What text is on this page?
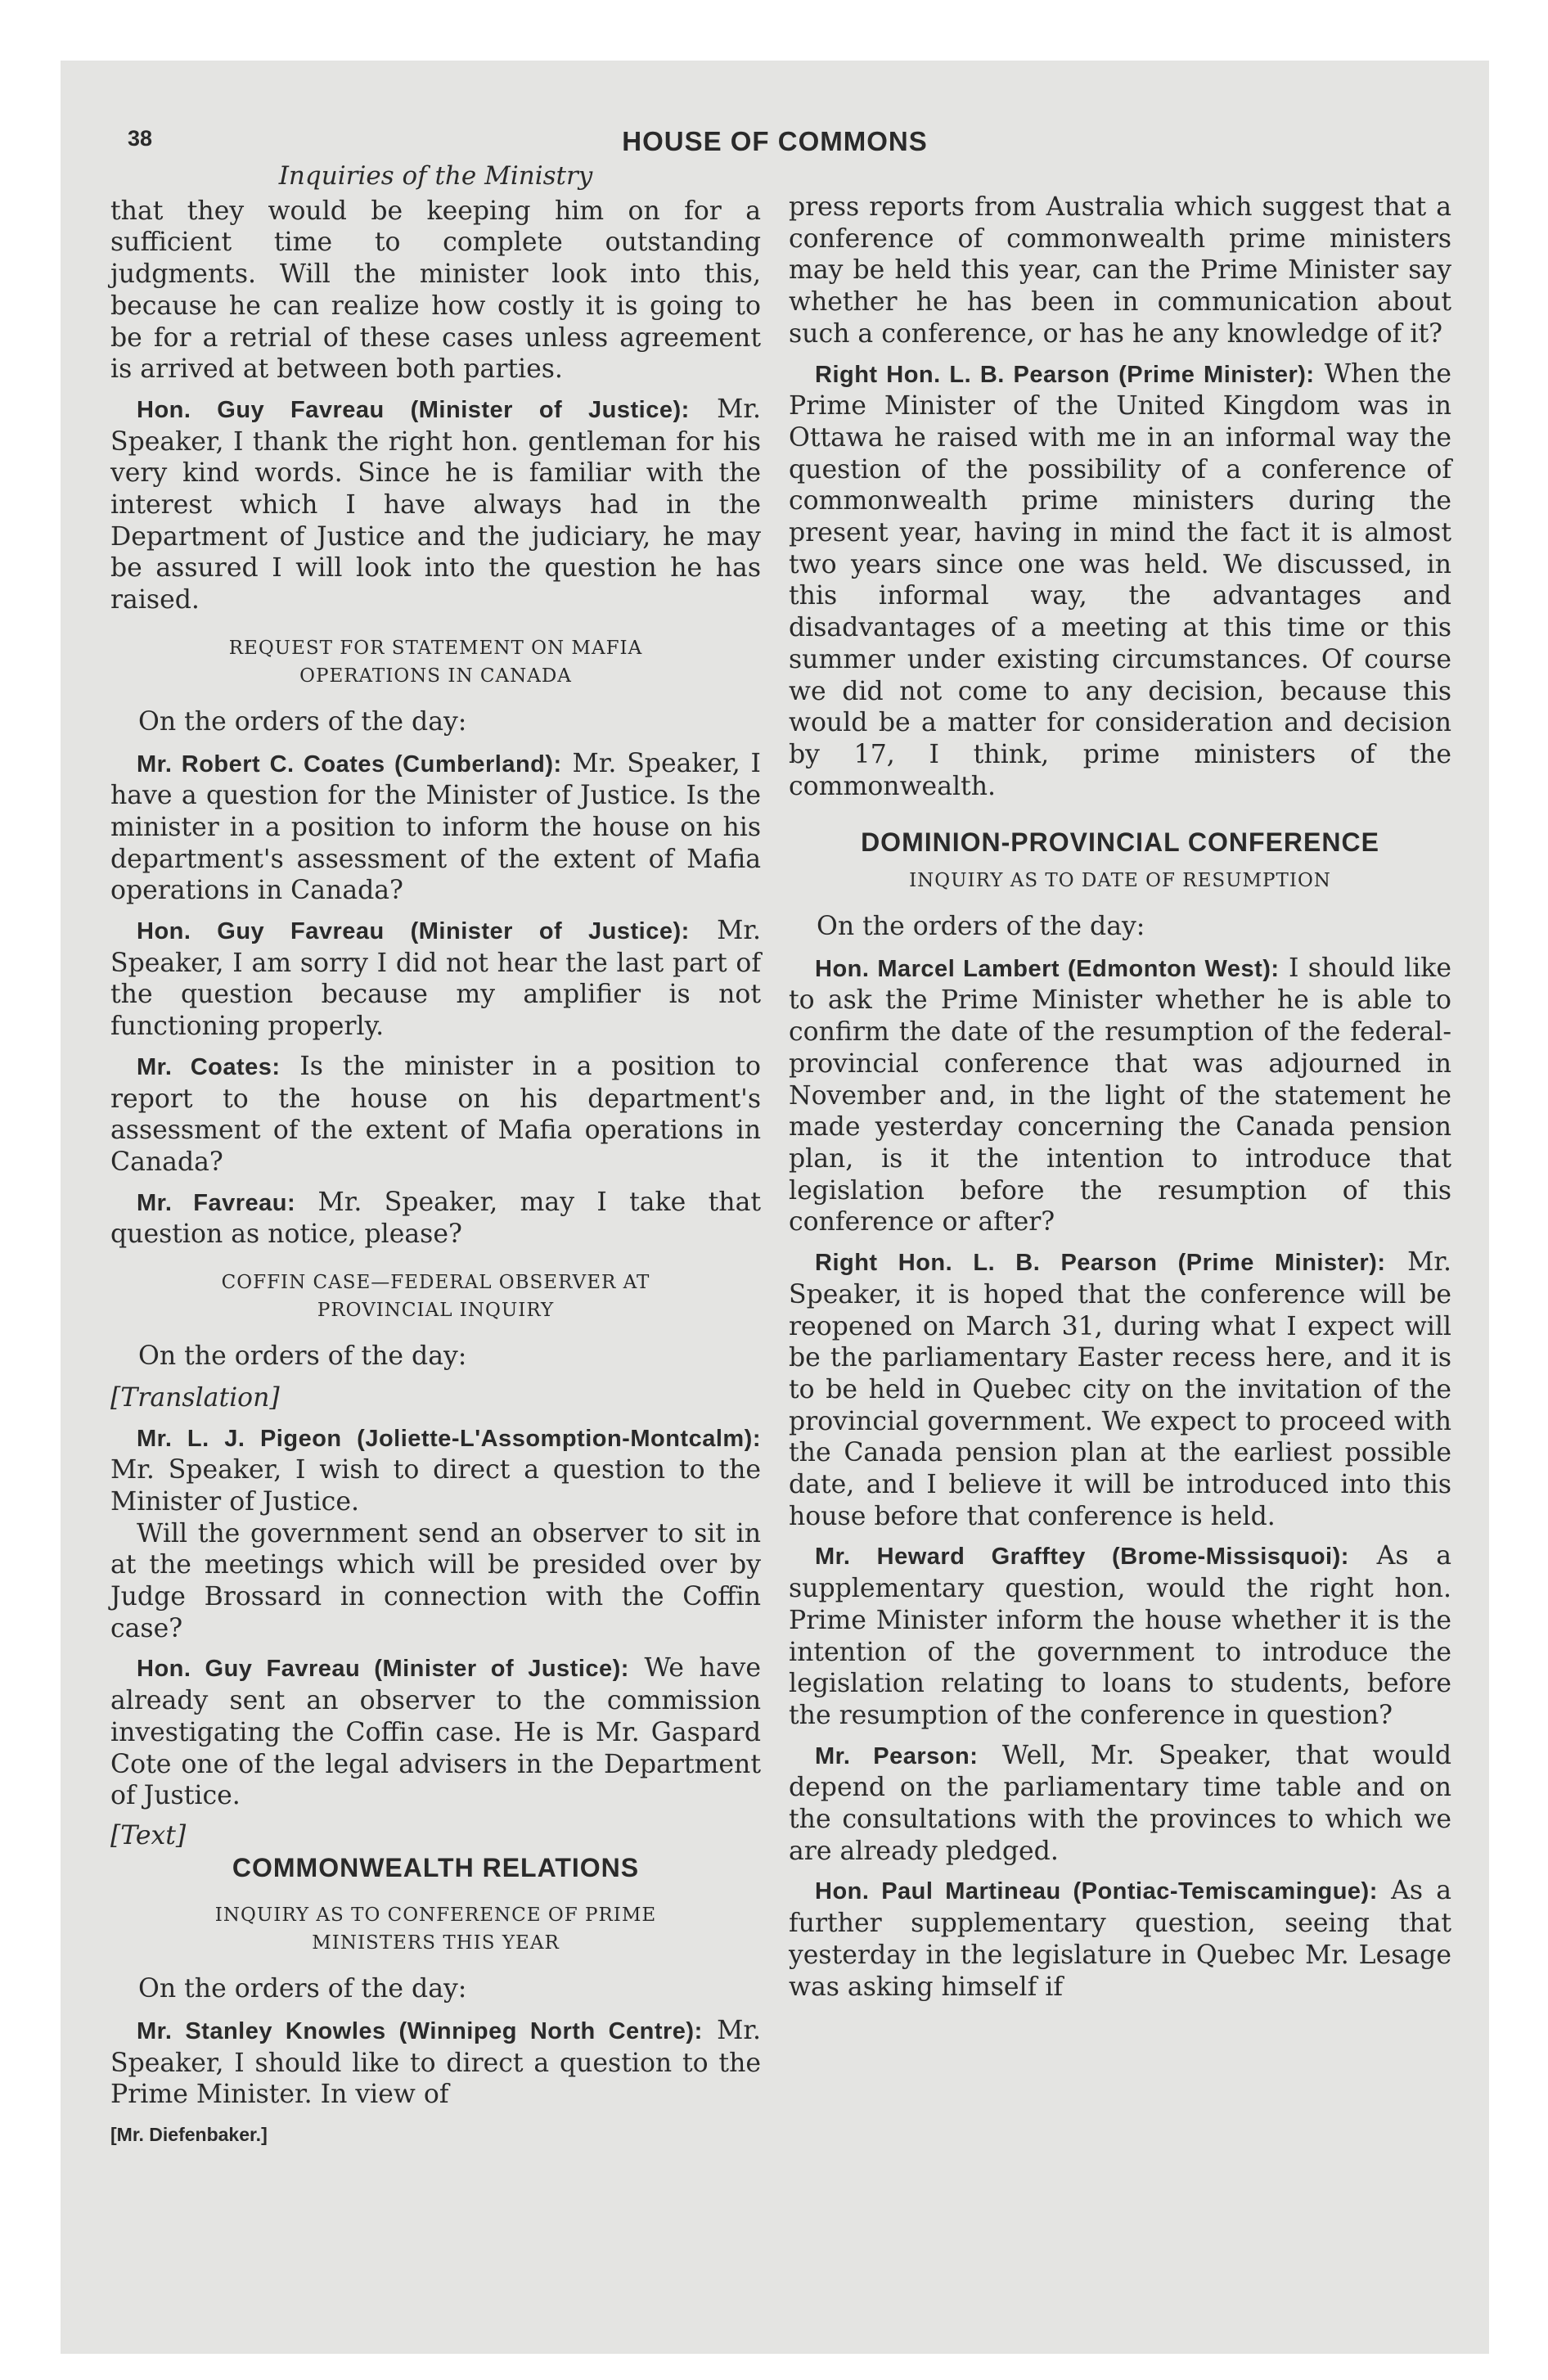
38	HOUSE OF COMMONS
Inquiries of the Ministry

that they would be keeping him on for a sufficient time to complete outstanding judgments. Will the minister look into this, because he can realize how costly it is going to be for a retrial of these cases unless agreement is arrived at between both parties.

Hon. Guy Favreau (Minister of Justice): Mr. Speaker, I thank the right hon. gentleman for his very kind words. Since he is familiar with the interest which I have always had in the Department of Justice and the judiciary, he may be assured I will look into the question he has raised.

REQUEST FOR STATEMENT ON MAFIA
OPERATIONS IN CANADA

On the orders of the day:

Mr. Robert C. Coates (Cumberland): Mr. Speaker, I have a question for the Minister of Justice. Is the minister in a position to inform the house on his department's assessment of the extent of Mafia operations in Canada?

Hon. Guy Favreau (Minister of Justice): Mr. Speaker, I am sorry I did not hear the last part of the question because my amplifier is not functioning properly.

Mr. Coates: Is the minister in a position to report to the house on his department's assessment of the extent of Mafia operations in Canada?

Mr. Favreau: Mr. Speaker, may I take that question as notice, please?

COFFIN CASE—FEDERAL OBSERVER AT
PROVINCIAL INQUIRY

On the orders of the day:

[Translation]

Mr. L. J. Pigeon (Joliette-L'Assomption-Montcalm): Mr. Speaker, I wish to direct a question to the Minister of Justice.

Will the government send an observer to sit in at the meetings which will be presided over by Judge Brossard in connection with the Coffin case?

Hon. Guy Favreau (Minister of Justice): We have already sent an observer to the commission investigating the Coffin case. He is Mr. Gaspard Cote one of the legal advisers in the Department of Justice.

[Text]

COMMONWEALTH RELATIONS
INQUIRY AS TO CONFERENCE OF PRIME
MINISTERS THIS YEAR

On the orders of the day:

Mr. Stanley Knowles (Winnipeg North Centre): Mr. Speaker, I should like to direct a question to the Prime Minister. In view of

[Mr. Diefenbaker.]

press reports from Australia which suggest that a conference of commonwealth prime ministers may be held this year, can the Prime Minister say whether he has been in communication about such a conference, or has he any knowledge of it?

Right Hon. L. B. Pearson (Prime Minister): When the Prime Minister of the United Kingdom was in Ottawa he raised with me in an informal way the question of the possibility of a conference of commonwealth prime ministers during the present year, having in mind the fact it is almost two years since one was held. We discussed, in this informal way, the advantages and disadvantages of a meeting at this time or this summer under existing circumstances. Of course we did not come to any decision, because this would be a matter for consideration and decision by 17, I think, prime ministers of the commonwealth.

DOMINION-PROVINCIAL CONFERENCE
INQUIRY AS TO DATE OF RESUMPTION

On the orders of the day:

Hon. Marcel Lambert (Edmonton West): I should like to ask the Prime Minister whether he is able to confirm the date of the resumption of the federal-provincial conference that was adjourned in November and, in the light of the statement he made yesterday concerning the Canada pension plan, is it the intention to introduce that legislation before the resumption of this conference or after?

Right Hon. L. B. Pearson (Prime Minister): Mr. Speaker, it is hoped that the conference will be reopened on March 31, during what I expect will be the parliamentary Easter recess here, and it is to be held in Quebec city on the invitation of the provincial government. We expect to proceed with the Canada pension plan at the earliest possible date, and I believe it will be introduced into this house before that conference is held.

Mr. Heward Grafftey (Brome-Missisquoi): As a supplementary question, would the right hon. Prime Minister inform the house whether it is the intention of the government to introduce the legislation relating to loans to students, before the resumption of the conference in question?

Mr. Pearson: Well, Mr. Speaker, that would depend on the parliamentary time table and on the consultations with the provinces to which we are already pledged.

Hon. Paul Martineau (Pontiac-Temiscamingue): As a further supplementary question, seeing that yesterday in the legislature in Quebec Mr. Lesage was asking himself if
